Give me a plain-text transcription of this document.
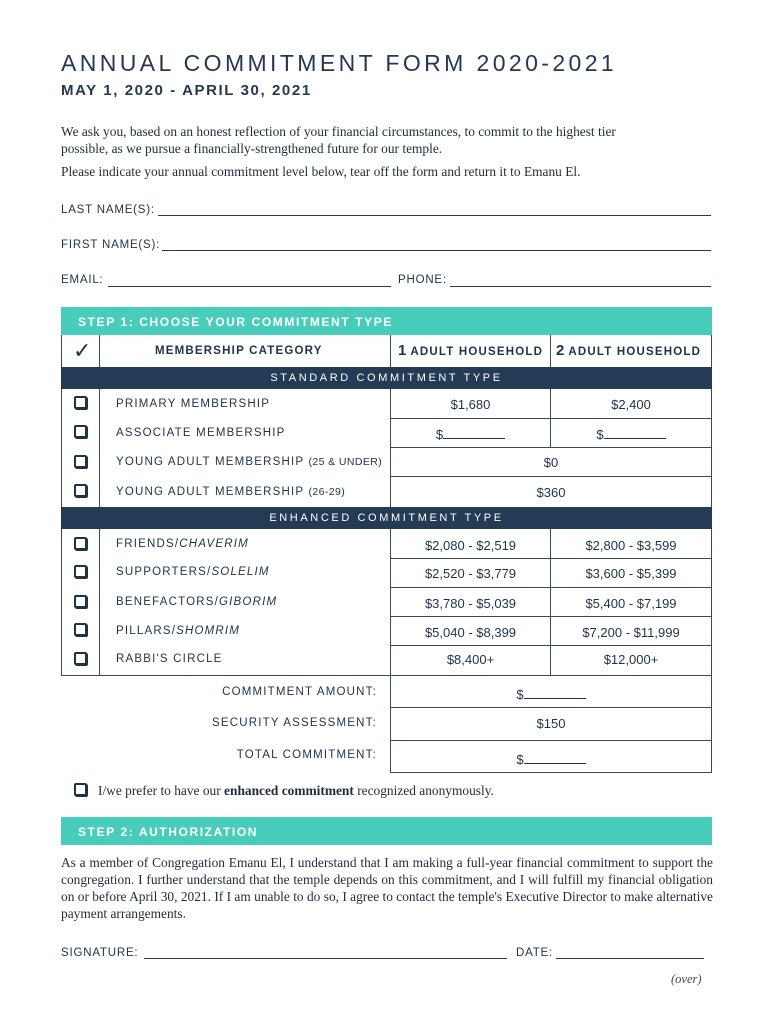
ANNUAL COMMITMENT FORM 2020-2021
MAY 1, 2020 - APRIL 30, 2021
We ask you, based on an honest reflection of your financial circumstances, to commit to the highest tier
possible, as we pursue a financially-strengthened future for our temple.
Please indicate your annual commitment level below, tear off the form and return it to Emanu El.
LAST NAME(S):
FIRST NAME(S):
EMAIL:	PHONE:
STEP 1: CHOOSE YOUR COMMITMENT TYPE
✓	MEMBERSHIP CATEGORY	1 ADULT HOUSEHOLD 2 ADULT HOUSEHOLD
STANDARD COMMITMENT TYPE
PRIMARY MEMBERSHIP	$1,680	$2,400
ASSOCIATE MEMBERSHIP	$	$
YOUNG ADULT MEMBERSHIP (25 & UNDER)	$0
YOUNG ADULT MEMBERSHIP (26-29)	$360
ENHANCED COMMITMENT TYPE
FRIENDS/CHAVERIM	$2,080 - $2,519	$2,800 - $3,599
SUPPORTERS/SOLELIM	$2,520 - $3,779	$3,600 - $5,399
BENEFACTORS/GIBORIM	$3,780 - $5,039	$5,400 - $7,199
PILLARS/SHOMRIM	$5,040 - $8,399	$7,200 - $11,999
RABBI'S CIRCLE	$8,400+	$12,000+
COMMITMENT AMOUNT:	$
SECURITY ASSESSMENT:	$150
TOTAL COMMITMENT:	$
I/we prefer to have our enhanced commitment recognized anonymously.
STEP 2: AUTHORIZATION
As a member of Congregation Emanu El, I understand that I am making a full-year financial commitment to support the congregation. I further understand that the temple depends on this commitment, and I will fulfill my financial obligation on or before April 30, 2021. If I am unable to do so, I agree to contact the temple's Executive Director to make alternative payment arrangements.
SIGNATURE:	DATE:
(over)
